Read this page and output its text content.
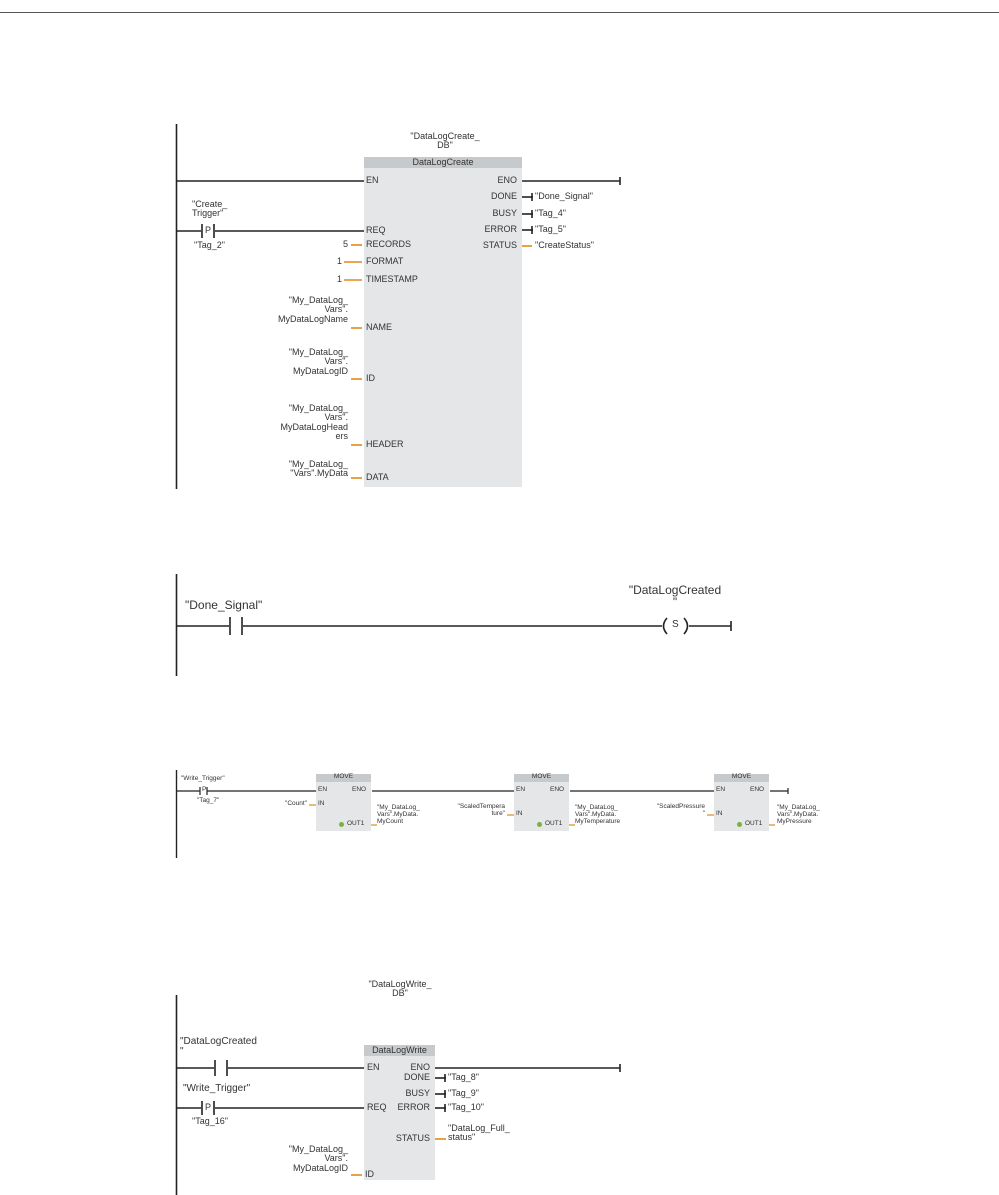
"DataLogCreate_
DB"
DataLogCreate
"Create_
Trigger"
P
"Tag_2"
EN
REQ
RECORDS
FORMAT
TIMESTAMP
NAME
ID
HEADER
DATA
5
1
1
"My_DataLog_
Vars".
MyDataLogName
"My_DataLog_
Vars".
MyDataLogID
"My_DataLog_
Vars".
MyDataLogHead
ers
"My_DataLog_
"Vars".MyData
ENO
DONE
BUSY
ERROR
STATUS
"Done_Signal"
"Tag_4"
"Tag_5"
"CreateStatus"
"Done_Signal"
"DataLogCreated
"
S
"Write_Trigger"
P
"Tag_7"
MOVE
EN	ENO
IN
OUT1
"Count"
"My_DataLog_
Vars".MyData.
MyCount
MOVE
EN	ENO
IN
OUT1
"ScaledTempera
ture"
"My_DataLog_
Vars".MyData.
MyTemperature
MOVE
EN	ENO
IN
OUT1
"ScaledPressure
"
"My_DataLog_
Vars".MyData.
MyPressure
"DataLogWrite_
DB"
DataLogWrite
"DataLogCreated
"
"Write_Trigger"
P
"Tag_16"
EN
REQ
ID
"My_DataLog_
Vars".
MyDataLogID
ENO
DONE
BUSY
ERROR
STATUS
"Tag_8"
"Tag_9"
"Tag_10"
"DataLog_Full_
status"
